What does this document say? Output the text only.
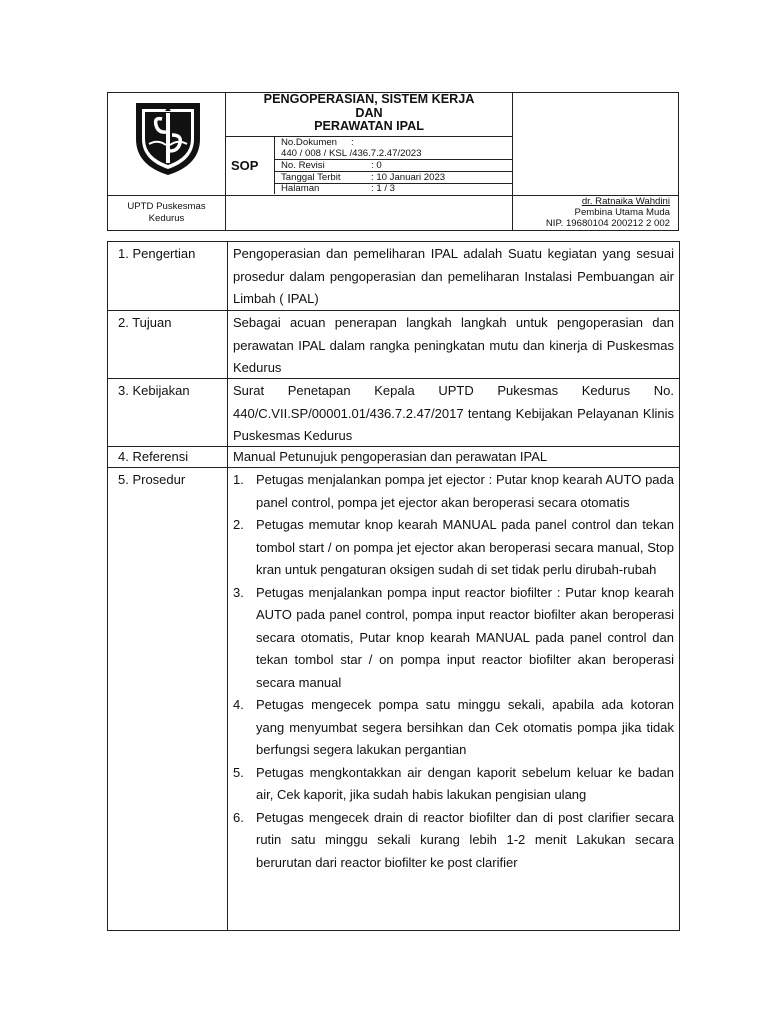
PENGOPERASIAN, SISTEM KERJA
DAN
PERAWATAN IPAL
SOP
No.Dokumen :
440 / 008 / KSL /436.7.2.47/2023
No. Revisi	: 0
Tanggal Terbit	: 10 Januari 2023
Halaman	: 1 / 3
UPTD Puskesmas
Kedurus
dr. Ratnaika Wahdini
Pembina Utama Muda
NIP. 19680104 200212 2 002
1. Pengertian	Pengoperasian dan pemeliharan IPAL adalah Suatu kegiatan yang sesuai prosedur dalam pengoperasian dan pemeliharan Instalasi Pembuangan air Limbah ( IPAL)
2. Tujuan	Sebagai acuan penerapan langkah langkah untuk pengoperasian dan perawatan IPAL dalam rangka peningkatan mutu dan kinerja di Puskesmas Kedurus
3. Kebijakan	Surat Penetapan Kepala UPTD Pukesmas Kedurus No. 440/C.VII.SP/00001.01/436.7.2.47/2017 tentang Kebijakan Pelayanan Klinis Puskesmas Kedurus
4. Referensi	Manual Petunujuk pengoperasian dan perawatan IPAL
5. Prosedur	1. Petugas menjalankan pompa jet ejector : Putar knop kearah AUTO pada panel control, pompa jet ejector akan beroperasi secara otomatis
2. Petugas memutar knop kearah MANUAL pada panel control dan tekan tombol start / on pompa jet ejector akan beroperasi secara manual, Stop kran untuk pengaturan oksigen sudah di set tidak perlu dirubah-rubah
3. Petugas menjalankan pompa input reactor biofilter : Putar knop kearah AUTO pada panel control, pompa input reactor biofilter akan beroperasi secara otomatis, Putar knop kearah MANUAL pada panel control dan tekan tombol star / on pompa input reactor biofilter akan beroperasi secara manual
4. Petugas mengecek pompa satu minggu sekali, apabila ada kotoran yang menyumbat segera bersihkan dan Cek otomatis pompa jika tidak berfungsi segera lakukan pergantian
5. Petugas mengkontakkan air dengan kaporit sebelum keluar ke badan air, Cek kaporit, jika sudah habis lakukan pengisian ulang
6. Petugas mengecek drain di reactor biofilter dan di post clarifier secara rutin satu minggu sekali kurang lebih 1-2 menit Lakukan secara berurutan dari reactor biofilter ke post clarifier
